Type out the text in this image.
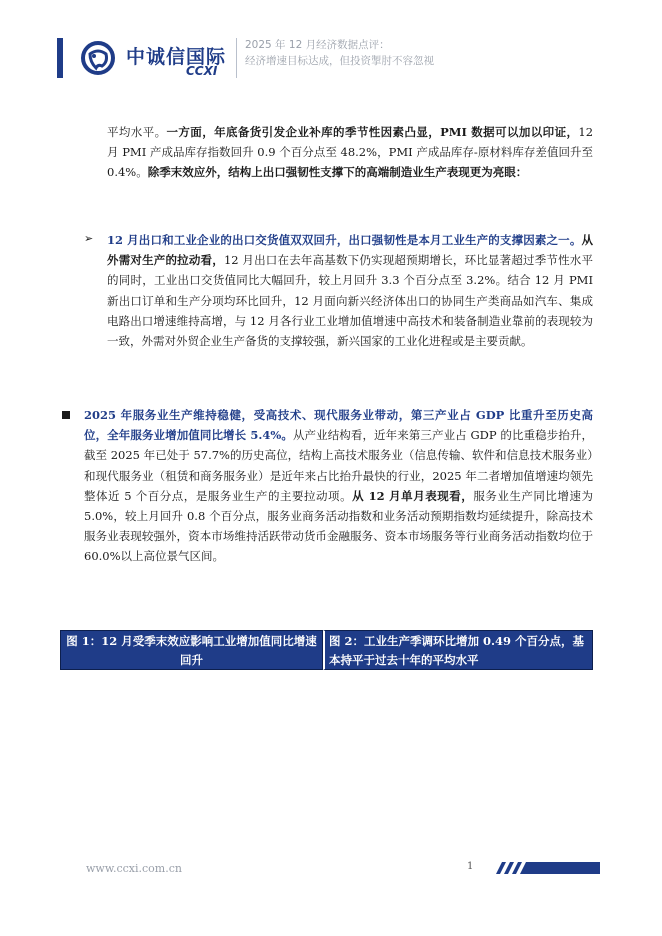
中诚信国际
CCXI
2025 年 12 月经济数据点评：
经济增速目标达成，但投资掣肘不容忽视
平均水平。一方面，年底备货引发企业补库的季节性因素凸显，PMI 数据可以加以印证，12 月 PMI 产成品库存指数回升 0.9 个百分点至 48.2%，PMI 产成品库存-原材料库存差值回升至 0.4%。除季末效应外，结构上出口强韧性支撑下的高端制造业生产表现更为亮眼：
➢ 12 月出口和工业企业的出口交货值双双回升，出口强韧性是本月工业生产的支撑因素之一。从外需对生产的拉动看，12 月出口在去年高基数下仍实现超预期增长，环比显著超过季节性水平的同时，工业出口交货值同比大幅回升，较上月回升 3.3 个百分点至 3.2%。结合 12 月 PMI 新出口订单和生产分项均环比回升，12 月面向新兴经济体出口的协同生产类商品如汽车、集成电路出口增速维持高增，与 12 月各行业工业增加值增速中高技术和装备制造业靠前的表现较为一致，外需对外贸企业生产备货的支撑较强，新兴国家的工业化进程或是主要贡献。
2025 年服务业生产维持稳健，受高技术、现代服务业带动，第三产业占 GDP 比重升至历史高位，全年服务业增加值同比增长 5.4%。从产业结构看，近年来第三产业占 GDP 的比重稳步抬升，截至 2025 年已处于 57.7%的历史高位，结构上高技术服务业（信息传输、软件和信息技术服务业）和现代服务业（租赁和商务服务业）是近年来占比抬升最快的行业，2025 年二者增加值增速均领先整体近 5 个百分点，是服务业生产的主要拉动项。从 12 月单月表现看，服务业生产同比增速为 5.0%，较上月回升 0.8 个百分点，服务业商务活动指数和业务活动预期指数均延续提升，除高技术服务业表现较强外，资本市场维持活跃带动货币金融服务、资本市场服务等行业商务活动指数均位于 60.0%以上高位景气区间。
图 1：12 月受季末效应影响工业增加值同比增速回升
图 2：工业生产季调环比增加 0.49 个百分点，基本持平于过去十年的平均水平
www.ccxi.com.cn	1
